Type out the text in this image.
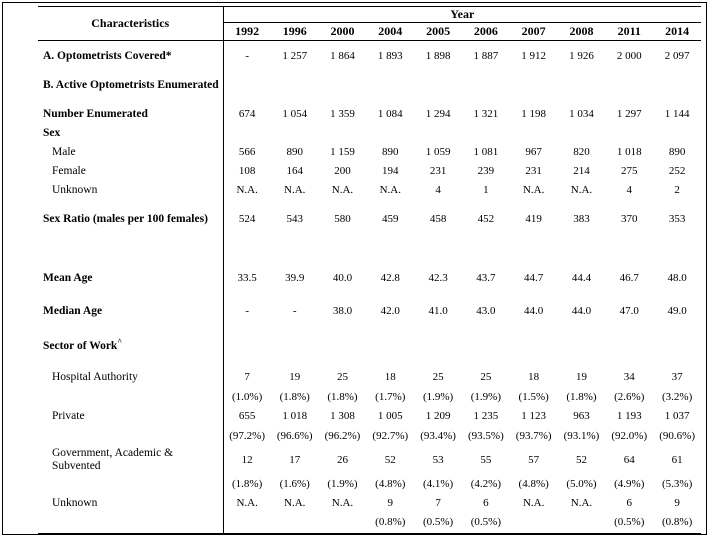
Characteristics	Year									
	1992	1996	2000	2004	2005	2006	2007	2008	2011	2014

A. Optometrists Covered*	-	1 257	1 864	1 893	1 898	1 887	1 912	1 926	2 000	2 097

B. Active Optometrists Enumerated										

Number Enumerated	674	1 054	1 359	1 084	1 294	1 321	1 198	1 034	1 297	1 144
Sex										
Male	566	890	1 159	890	1 059	1 081	967	820	1 018	890
Female	108	164	200	194	231	239	231	214	275	252
Unknown	N.A.	N.A.	N.A.	N.A.	4	1	N.A.	N.A.	4	2

Sex Ratio (males per 100 females)	524	543	580	459	458	452	419	383	370	353

Mean Age	33.5	39.9	40.0	42.8	42.3	43.7	44.7	44.4	46.7	48.0

Median Age	-	-	38.0	42.0	41.0	43.0	44.0	44.0	47.0	49.0

Sector of Work^										

Hospital Authority	7	19	25	18	25	25	18	19	34	37
	(1.0%)	(1.8%)	(1.8%)	(1.7%)	(1.9%)	(1.9%)	(1.5%)	(1.8%)	(2.6%)	(3.2%)
Private	655	1 018	1 308	1 005	1 209	1 235	1 123	963	1 193	1 037
	(97.2%)	(96.6%)	(96.2%)	(92.7%)	(93.4%)	(93.5%)	(93.7%)	(93.1%)	(92.0%)	(90.6%)
Government, Academic & Subvented	12	17	26	52	53	55	57	52	64	61
	(1.8%)	(1.6%)	(1.9%)	(4.8%)	(4.1%)	(4.2%)	(4.8%)	(5.0%)	(4.9%)	(5.3%)
Unknown	N.A.	N.A.	N.A.	9	7	6	N.A.	N.A.	6	9
				(0.8%)	(0.5%)	(0.5%)			(0.5%)	(0.8%)
